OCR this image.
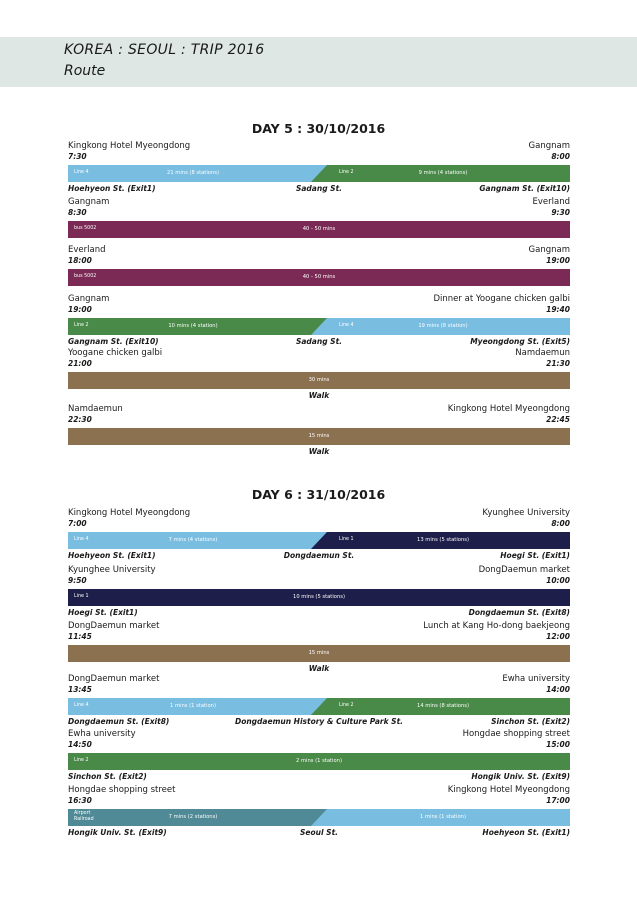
KOREA : SEOUL : TRIP 2016
Route
DAY 5 : 30/10/2016
Kingkong Hotel Myeongdong	Gangnam
7:30	8:00
Line 4	21 mins (8 stations)	Line 2	9 mins (4 stations)
Hoehyeon St. (Exit1)	Sadang St.	Gangnam St. (Exit10)
Gangnam	Everland
8:30	9:30
bus 5002	40 - 50 mins
Everland	Gangnam
18:00	19:00
bus 5002	40 - 50 mins
Gangnam	Dinner at Yoogane chicken galbi
19:00	19:40
Line 2	10 mins (4 station)	Line 4	19 mins (8 station)
Gangnam St. (Exit10)	Sadang St.	Myeongdong St. (Exit5)
Yoogane chicken galbi	Namdaemun
21:00	21:30
30 mins
Walk
Namdaemun	Kingkong Hotel Myeongdong
22:30	22:45
15 mins
Walk
DAY 6 : 31/10/2016
Kingkong Hotel Myeongdong	Kyunghee University
7:00	8:00
Line 4	7 mins (4 stations)	Line 1	13 mins (5 stations)
Hoehyeon St. (Exit1)	Dongdaemun St.	Hoegi St. (Exit1)
Kyunghee University	DongDaemun market
9:50	10:00
Line 1	10 mins (5 stations)
Hoegi St. (Exit1)	Dongdaemun St. (Exit8)
DongDaemun market	Lunch at Kang Ho-dong baekjeong
11:45	12:00
15 mins
Walk
DongDaemun market	Ewha university
13:45	14:00
Line 4	1 mins (1 station)	Line 2	14 mins (8 stations)
Dongdaemun St. (Exit8)	Dongdaemun History & Culture Park St.	Sinchon St. (Exit2)
Ewha university	Hongdae shopping street
14:50	15:00
Line 2	2 mins (1 station)
Sinchon St. (Exit2)	Hongik Univ. St. (Exit9)
Hongdae shopping street	Kingkong Hotel Myeongdong
16:30	17:00
Airport Railroad	7 mins (2 stations)	1 mins (1 station)
Hongik Univ. St. (Exit9)	Seoul St.	Hoehyeon St. (Exit1)
